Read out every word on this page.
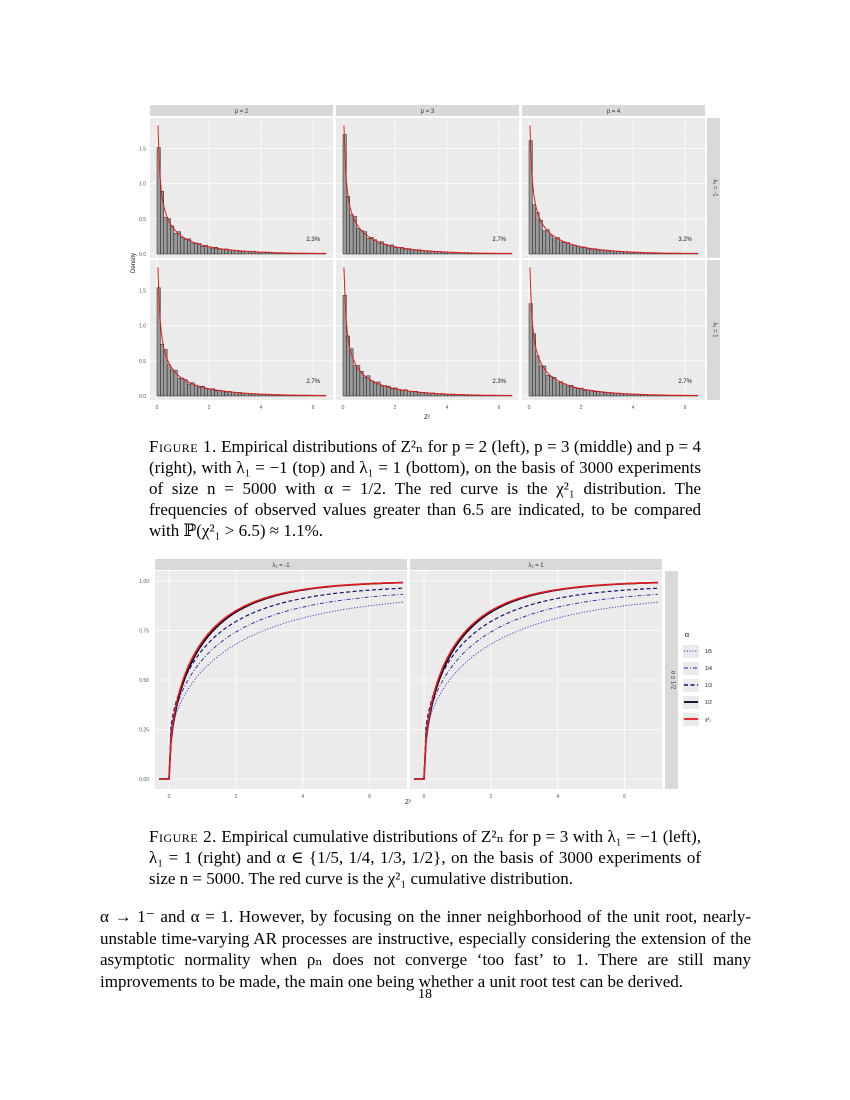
p = 2	p = 3	p = 4
λ₁ = -1
λ₁ = 1
2.3%
0.0
0.5
1.0
1.5
2.7%	3.2%
2.7%
0.0
0.5
1.0
1.5
0	2	4	6
2.3%
0	2	4	6
2.7%
0	2	4	6
Density
Z²
Figure 1. Empirical distributions of Z²ₙ for p = 2 (left), p = 3 (middle) and p = 4 (right), with λ₁ = −1 (top) and λ₁ = 1 (bottom), on the basis of 3000 experiments of size n = 5000 with α = 1/2. The red curve is the χ²₁ distribution. The frequencies of observed values greater than 6.5 are indicated, to be compared with ℙ(χ²₁ > 6.5) ≈ 1.1%.
λ₁ = -1	λ₁ = 1
α ≤ 1/2
0.00
0.25
0.50
0.75
1.00
0	2	4	6	0	2	4	6
Z²
α
1/5
1/4
1/3
1/2
χ²₁
Figure 2. Empirical cumulative distributions of Z²ₙ for p = 3 with λ₁ = −1 (left), λ₁ = 1 (right) and α ∈ {1/5, 1/4, 1/3, 1/2}, on the basis of 3000 experiments of size n = 5000. The red curve is the χ²₁ cumulative distribution.
α → 1⁻ and α = 1. However, by focusing on the inner neighborhood of the unit root, nearly-unstable time-varying AR processes are instructive, especially considering the extension of the asymptotic normality when ρₙ does not converge ‘too fast’ to 1. There are still many improvements to be made, the main one being whether a unit root test can be derived.
18
